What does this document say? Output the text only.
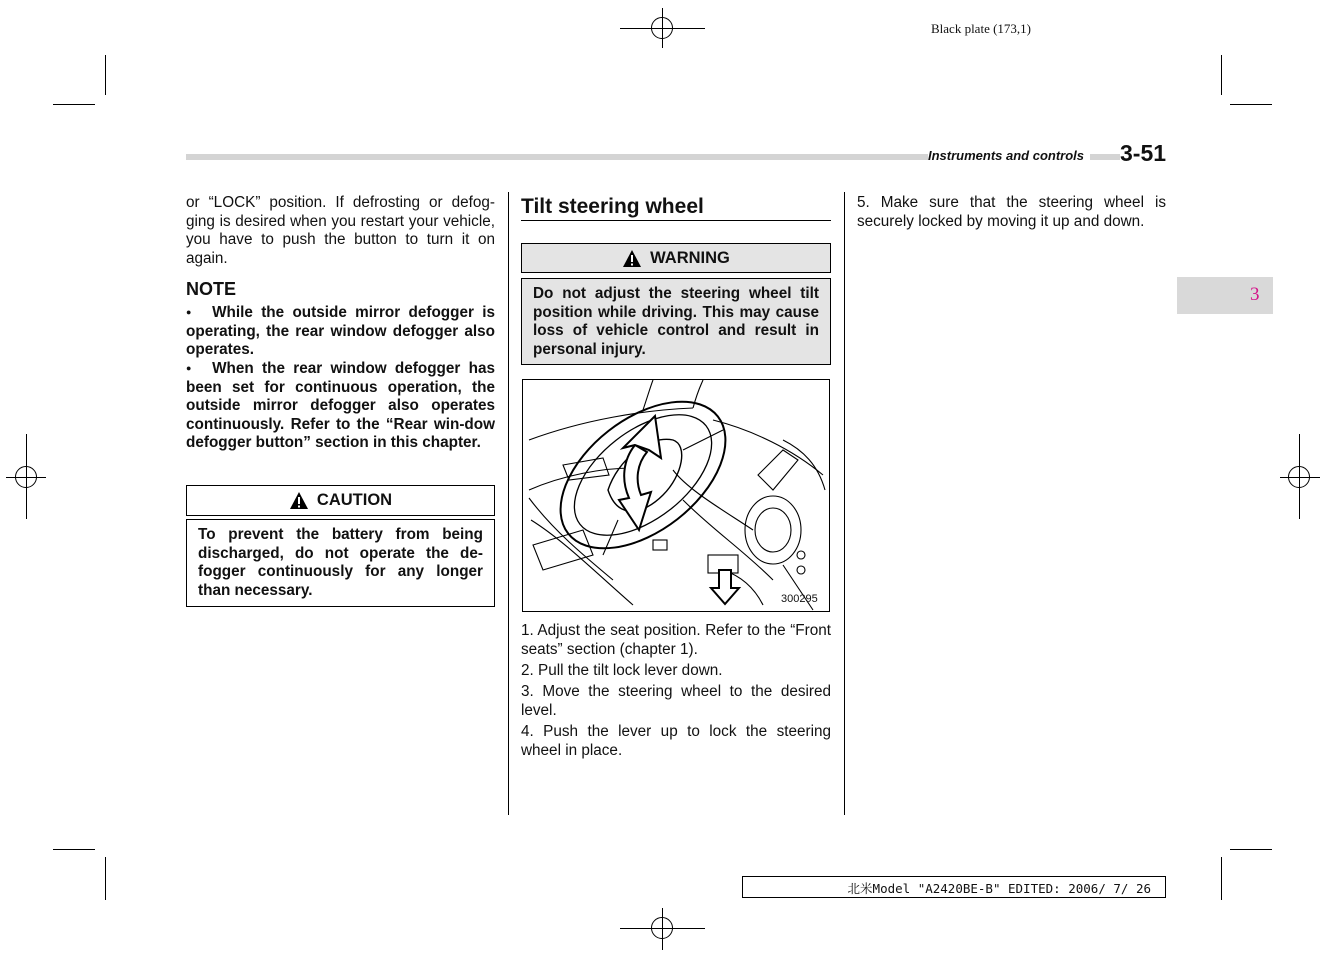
Black plate (173,1)
Instruments and controls 3-51
3
or “LOCK” position. If defrosting or defog-ging is desired when you restart your vehicle, you have to push the button to turn it on again.
NOTE
● While the outside mirror defogger is operating, the rear window defogger also operates.
● When the rear window defogger has been set for continuous operation, the outside mirror defogger also operates continuously. Refer to the “Rear win-dow defogger button” section in this chapter.
CAUTION
To prevent the battery from being discharged, do not operate the de-fogger continuously for any longer than necessary.
Tilt steering wheel
WARNING
Do not adjust the steering wheel tilt position while driving. This may cause loss of vehicle control and result in personal injury.
300295
1. Adjust the seat position. Refer to the “Front seats” section (chapter 1).
2. Pull the tilt lock lever down.
3. Move the steering wheel to the desired level.
4. Push the lever up to lock the steering wheel in place.
5. Make sure that the steering wheel is securely locked by moving it up and down.
北米Model "A2420BE-B" EDITED: 2006/ 7/ 26
